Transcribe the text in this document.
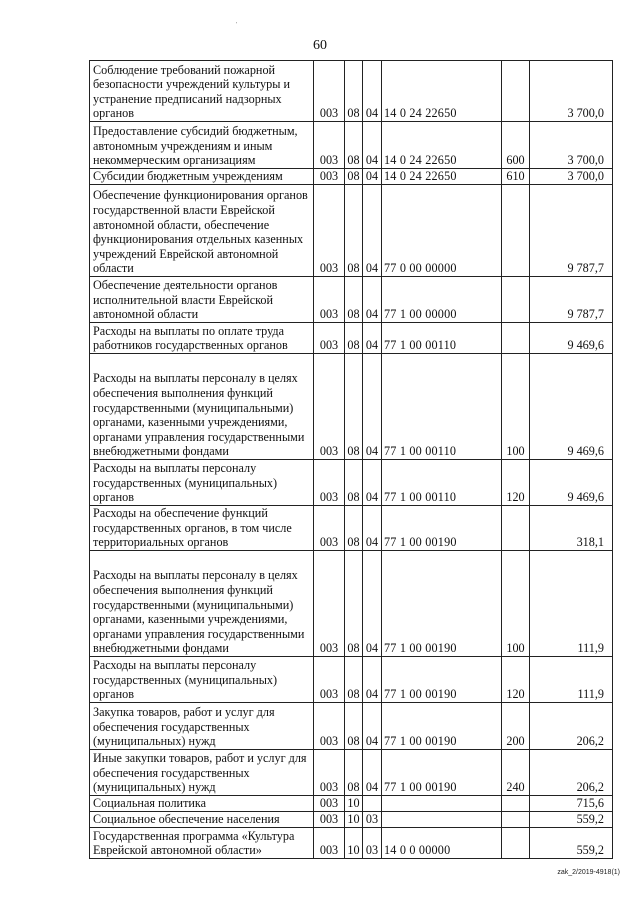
60
'
Соблюдение требований пожарной безопасности учреждений культуры и устранение предписаний надзорных органов	003	08	04	14 0 24 22650		3 700,0
Предоставление субсидий бюджетным, автономным учреждениям и иным некоммерческим организациям	003	08	04	14 0 24 22650	600	3 700,0
Субсидии бюджетным учреждениям	003	08	04	14 0 24 22650	610	3 700,0
Обеспечение функционирования органов государственной власти Еврейской автономной области, обеспечение функционирования отдельных казенных учреждений Еврейской автономной области	003	08	04	77 0 00 00000		9 787,7
Обеспечение деятельности органов исполнительной власти Еврейской автономной области	003	08	04	77 1 00 00000		9 787,7
Расходы на выплаты по оплате труда работников государственных органов	003	08	04	77 1 00 00110		9 469,6
Расходы на выплаты персоналу в целях обеспечения выполнения функций государственными (муниципальными) органами, казенными учреждениями, органами управления государственными внебюджетными фондами	003	08	04	77 1 00 00110	100	9 469,6
Расходы на выплаты персоналу государственных (муниципальных) органов	003	08	04	77 1 00 00110	120	9 469,6
Расходы на обеспечение функций государственных органов, в том числе территориальных органов	003	08	04	77 1 00 00190		318,1
Расходы на выплаты персоналу в целях обеспечения выполнения функций государственными (муниципальными) органами, казенными учреждениями, органами управления государственными внебюджетными фондами	003	08	04	77 1 00 00190	100	111,9
Расходы на выплаты персоналу государственных (муниципальных) органов	003	08	04	77 1 00 00190	120	111,9
Закупка товаров, работ и услуг для обеспечения государственных (муниципальных) нужд	003	08	04	77 1 00 00190	200	206,2
Иные закупки товаров, работ и услуг для обеспечения государственных (муниципальных) нужд	003	08	04	77 1 00 00190	240	206,2
Социальная политика	003	10				715,6
Социальное обеспечение населения	003	10	03			559,2
Государственная программа «Культура Еврейской автономной области»	003	10	03	14 0 0 00000		559,2
zak_2/2019-4918(1)
